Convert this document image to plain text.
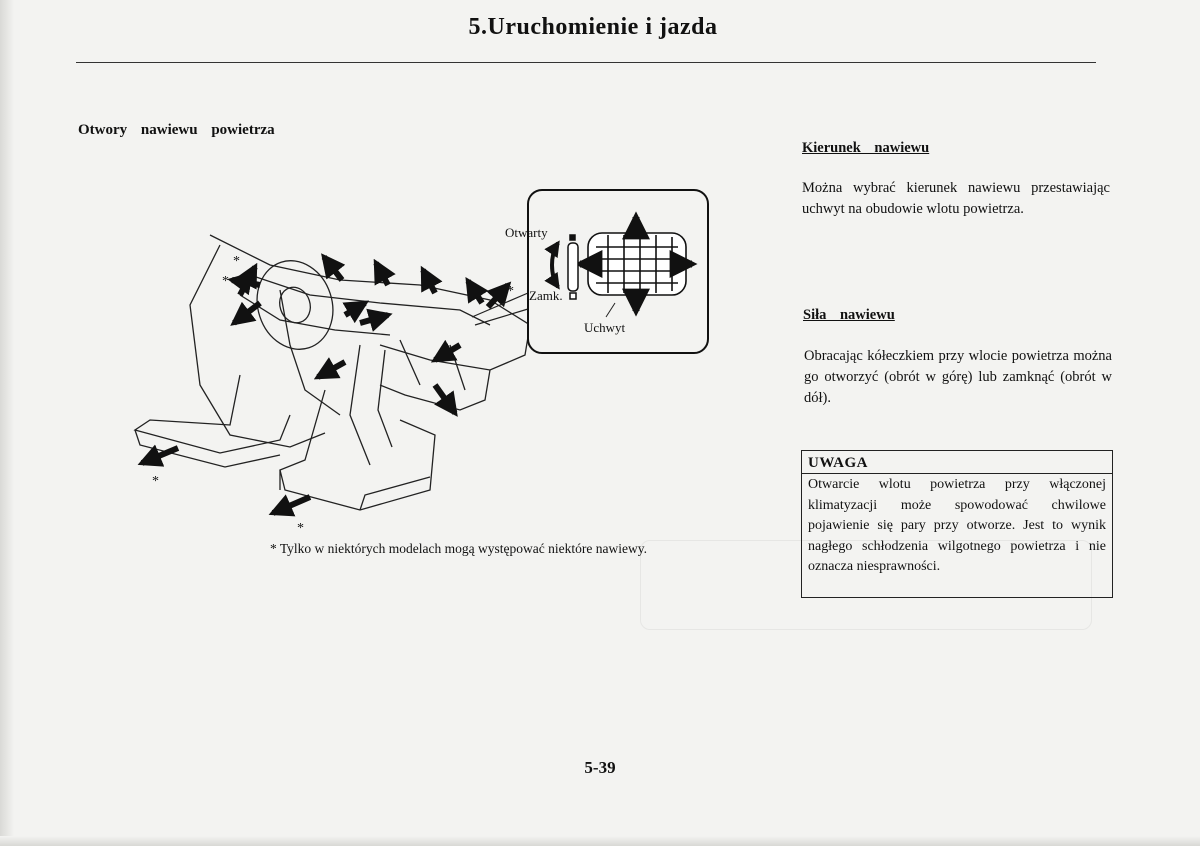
5.Uruchomienie i jazda
Otwory nawiewu powietrza
*
*
*
*
*
Otwarty
Zamk.
Uchwyt
* Tylko w niektórych modelach mogą występować niektóre nawiewy.
Kierunek nawiewu
Można wybrać kierunek nawiewu przestawiając uchwyt na obudowie wlotu powietrza.
Siła nawiewu
Obracając kółeczkiem przy wlocie powietrza można go otworzyć (obrót w górę) lub zamknąć (obrót w dół).
UWAGA
Otwarcie wlotu powietrza przy włączonej klimatyzacji może spowodować chwilowe pojawienie się pary przy otworze. Jest to wynik nagłego schłodzenia wilgotnego powietrza i nie oznacza niesprawności.
5-39
